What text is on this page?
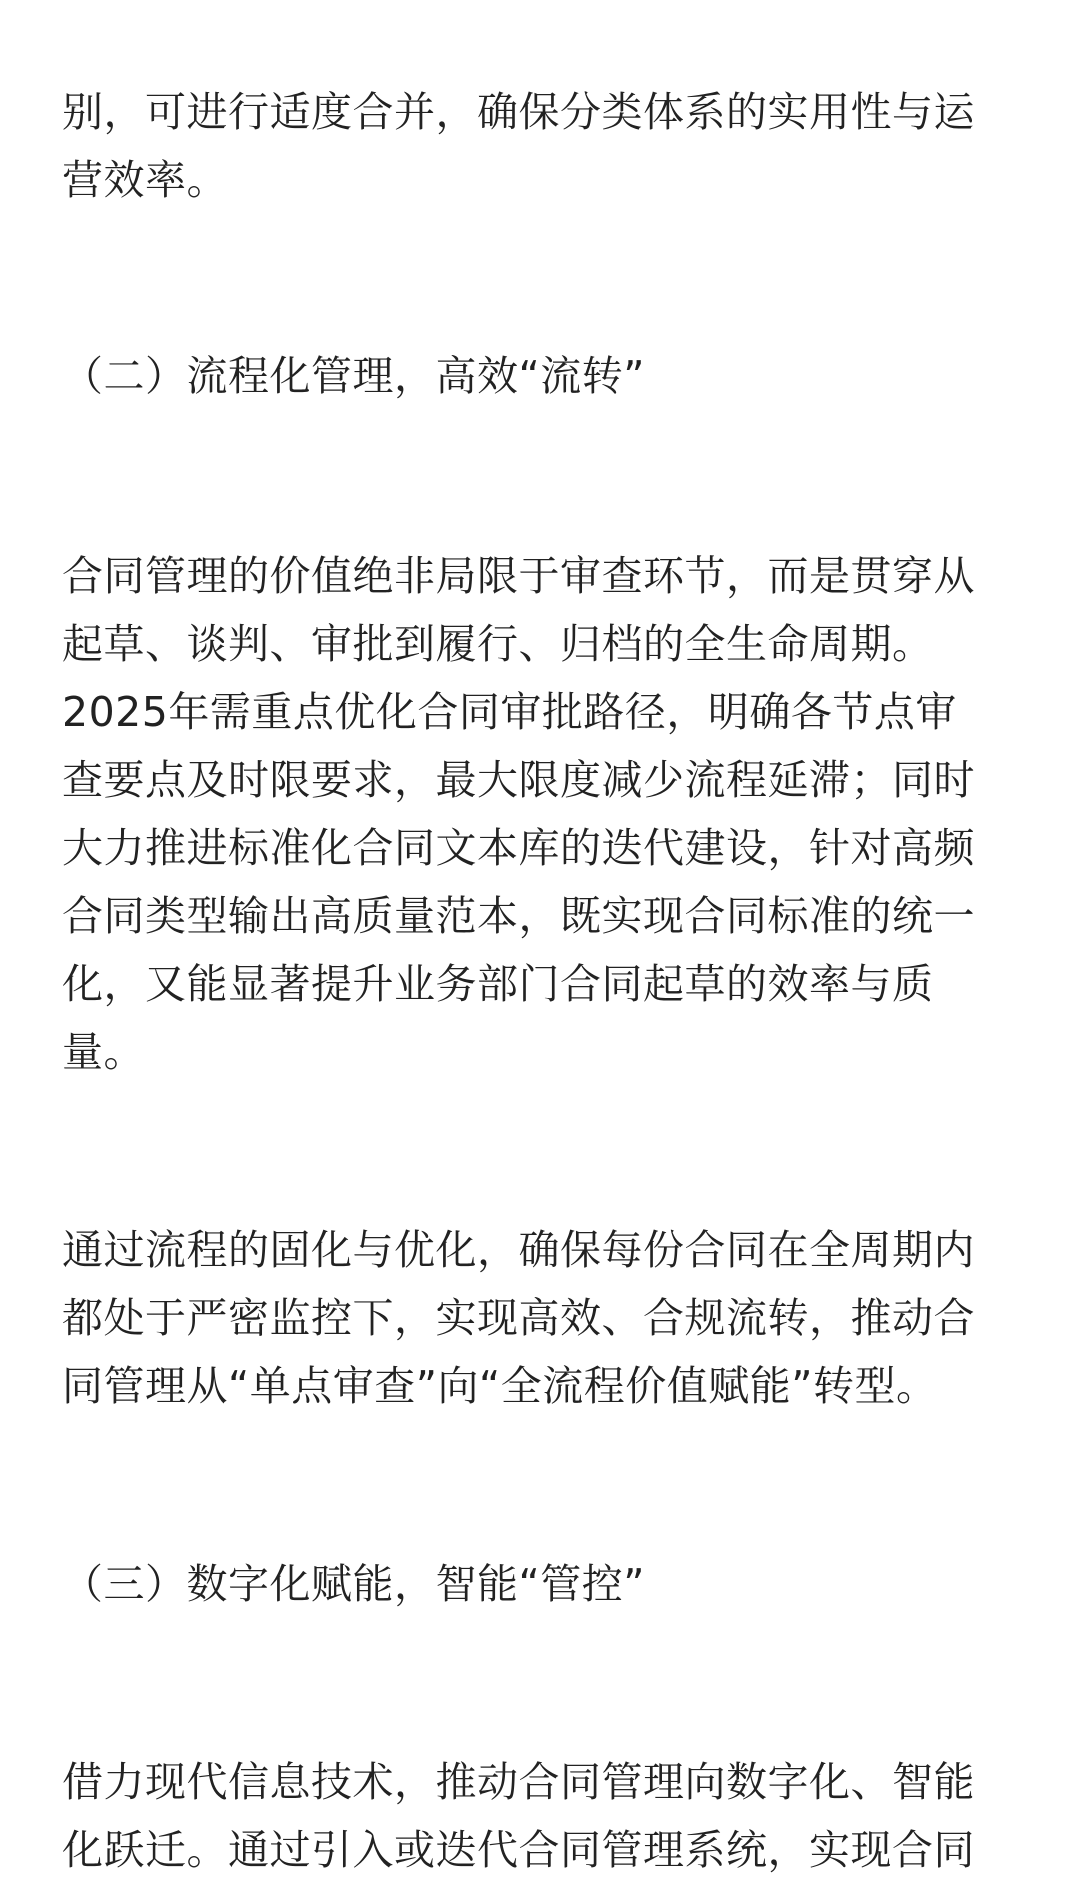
别，可进行适度合并，确保分类体系的实用性与运
营效率。

（二）流程化管理，高效“流转”

合同管理的价值绝非局限于审查环节，而是贯穿从
起草、谈判、审批到履行、归档的全生命周期。
2025年需重点优化合同审批路径，明确各节点审
查要点及时限要求，最大限度减少流程延滞；同时
大力推进标准化合同文本库的迭代建设，针对高频
合同类型输出高质量范本，既实现合同标准的统一
化，又能显著提升业务部门合同起草的效率与质
量。

通过流程的固化与优化，确保每份合同在全周期内
都处于严密监控下，实现高效、合规流转，推动合
同管理从“单点审查”向“全流程价值赋能”转型。

（三）数字化赋能，智能“管控”

借力现代信息技术，推动合同管理向数字化、智能
化跃迁。通过引入或迭代合同管理系统，实现合同
